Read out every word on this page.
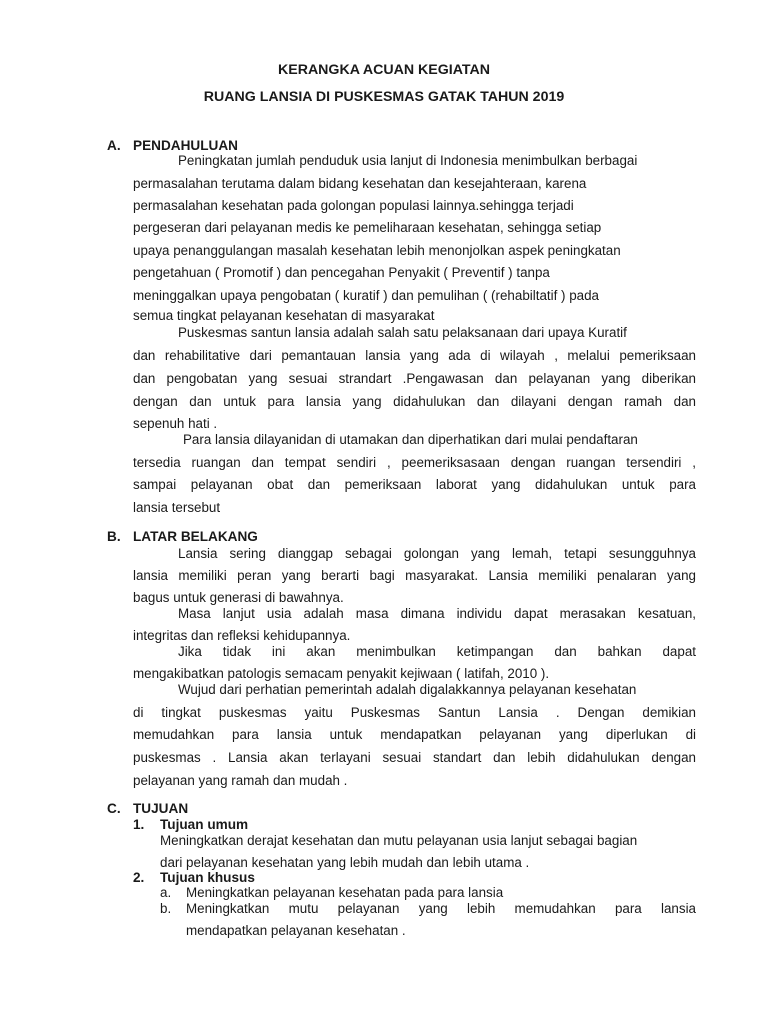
KERANGKA ACUAN KEGIATAN
RUANG LANSIA DI PUSKESMAS GATAK TAHUN 2019
A. PENDAHULUAN
Peningkatan jumlah penduduk usia lanjut di Indonesia menimbulkan berbagai
permasalahan terutama dalam bidang kesehatan dan kesejahteraan, karena
permasalahan kesehatan pada golongan populasi lainnya.sehingga terjadi
pergeseran dari pelayanan medis ke pemeliharaan kesehatan, sehingga setiap
upaya penanggulangan masalah kesehatan lebih menonjolkan aspek peningkatan
pengetahuan ( Promotif ) dan pencegahan Penyakit ( Preventif ) tanpa
meninggalkan upaya pengobatan ( kuratif ) dan pemulihan ( (rehabiltatif ) pada
semua tingkat pelayanan kesehatan di masyarakat
Puskesmas santun lansia adalah salah satu pelaksanaan dari upaya Kuratif
dan rehabilitative dari pemantauan lansia yang ada di wilayah , melalui pemeriksaan
dan pengobatan yang sesuai strandart .Pengawasan dan pelayanan yang diberikan
dengan dan untuk para lansia yang didahulukan dan dilayani dengan ramah dan
sepenuh hati .
Para lansia dilayanidan di utamakan dan diperhatikan dari mulai pendaftaran
tersedia ruangan dan tempat sendiri , peemeriksasaan dengan ruangan tersendiri ,
sampai pelayanan obat dan pemeriksaan laborat yang didahulukan untuk para
lansia tersebut
B. LATAR BELAKANG
Lansia sering dianggap sebagai golongan yang lemah, tetapi sesungguhnya
lansia memiliki peran yang berarti bagi masyarakat. Lansia memiliki penalaran yang
bagus untuk generasi di bawahnya.
Masa lanjut usia adalah masa dimana individu dapat merasakan kesatuan,
integritas dan refleksi kehidupannya.
Jika tidak ini akan menimbulkan ketimpangan dan bahkan dapat
mengakibatkan patologis semacam penyakit kejiwaan ( latifah, 2010 ).
Wujud dari perhatian pemerintah adalah digalakkannya pelayanan kesehatan
di tingkat puskesmas yaitu Puskesmas Santun Lansia . Dengan demikian
memudahkan para lansia untuk mendapatkan pelayanan yang diperlukan di
puskesmas . Lansia akan terlayani sesuai standart dan lebih didahulukan dengan
pelayanan yang ramah dan mudah .
C. TUJUAN
1. Tujuan umum
Meningkatkan derajat kesehatan dan mutu pelayanan usia lanjut sebagai bagian
dari pelayanan kesehatan yang lebih mudah dan lebih utama .
2. Tujuan khusus
a. Meningkatkan pelayanan kesehatan pada para lansia
b. Meningkatkan mutu pelayanan yang lebih memudahkan para lansia
mendapatkan pelayanan kesehatan .
